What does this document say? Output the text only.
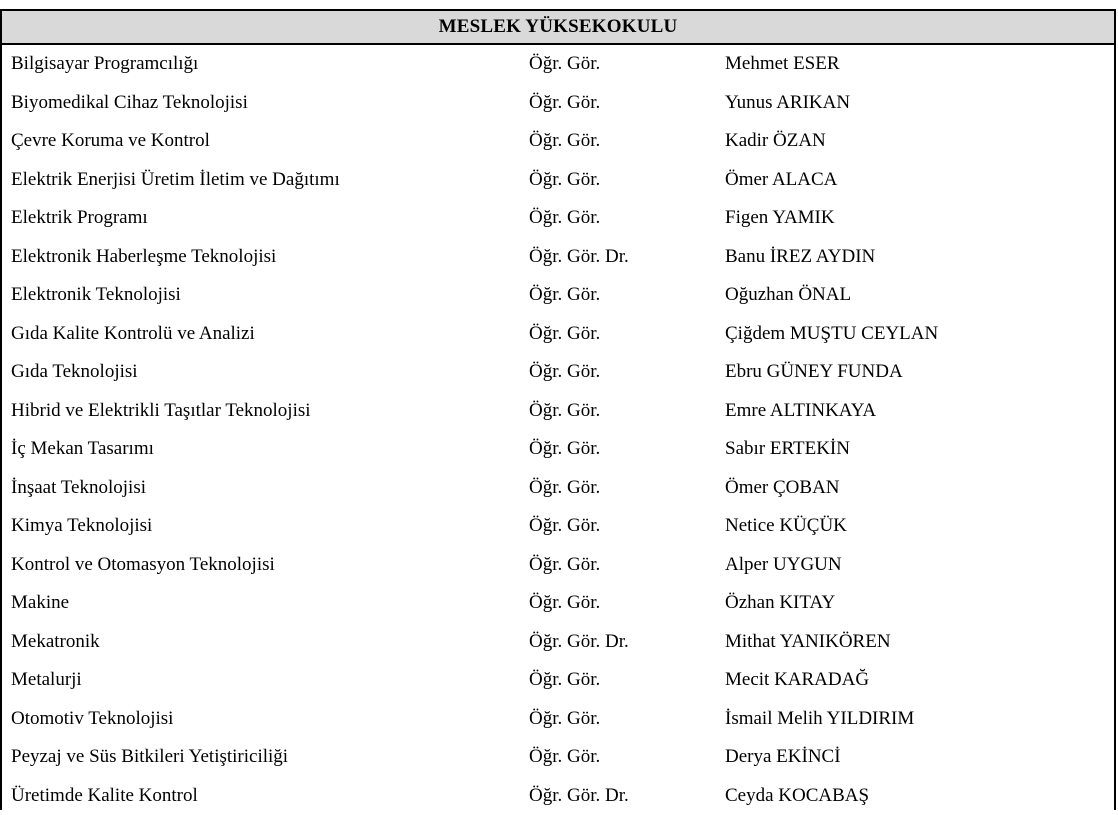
MESLEK YÜKSEKOKULU
Bilgisayar Programcılığı	Öğr. Gör.	Mehmet ESER
Biyomedikal Cihaz Teknolojisi	Öğr. Gör.	Yunus ARIKAN
Çevre Koruma ve Kontrol	Öğr. Gör.	Kadir ÖZAN
Elektrik Enerjisi Üretim İletim ve Dağıtımı	Öğr. Gör.	Ömer ALACA
Elektrik Programı	Öğr. Gör.	Figen YAMIK
Elektronik Haberleşme Teknolojisi	Öğr. Gör. Dr.	Banu İREZ AYDIN
Elektronik Teknolojisi	Öğr. Gör.	Oğuzhan ÖNAL
Gıda Kalite Kontrolü ve Analizi	Öğr. Gör.	Çiğdem MUŞTU CEYLAN
Gıda Teknolojisi	Öğr. Gör.	Ebru GÜNEY FUNDA
Hibrid ve Elektrikli Taşıtlar Teknolojisi	Öğr. Gör.	Emre ALTINKAYA
İç Mekan Tasarımı	Öğr. Gör.	Sabır ERTEKİN
İnşaat Teknolojisi	Öğr. Gör.	Ömer ÇOBAN
Kimya Teknolojisi	Öğr. Gör.	Netice KÜÇÜK
Kontrol ve Otomasyon Teknolojisi	Öğr. Gör.	Alper UYGUN
Makine	Öğr. Gör.	Özhan KITAY
Mekatronik	Öğr. Gör. Dr.	Mithat YANIKÖREN
Metalurji	Öğr. Gör.	Mecit KARADAĞ
Otomotiv Teknolojisi	Öğr. Gör.	İsmail Melih YILDIRIM
Peyzaj ve Süs Bitkileri Yetiştiriciliği	Öğr. Gör.	Derya EKİNCİ
Üretimde Kalite Kontrol	Öğr. Gör. Dr.	Ceyda KOCABAŞ
